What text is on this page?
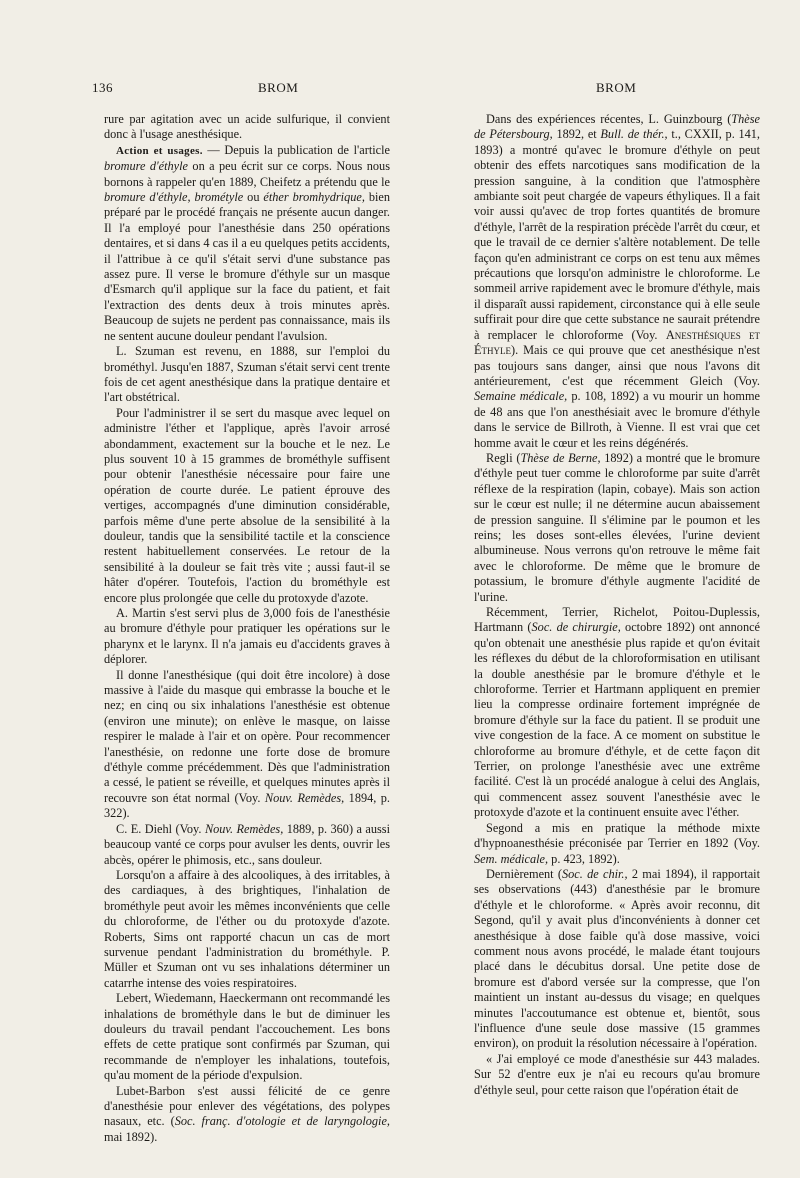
136	BROM	BROM

rure par agitation avec un acide sulfurique, il convient donc à l'usage anesthésique.

Action et usages. — Depuis la publication de l'article bromure d'éthyle on a peu écrit sur ce corps. Nous nous bornons à rappeler qu'en 1889, Cheifetz a prétendu que le bromure d'éthyle, brométyle ou éther bromhydrique, bien préparé par le procédé français ne présente aucun danger. Il l'a employé pour l'anesthésie dans 250 opérations dentaires, et si dans 4 cas il a eu quelques petits accidents, il l'attribue à ce qu'il s'était servi d'une substance pas assez pure. Il verse le bromure d'éthyle sur un masque d'Esmarch qu'il applique sur la face du patient, et fait l'extraction des dents deux à trois minutes après. Beaucoup de sujets ne perdent pas connaissance, mais ils ne sentent aucune douleur pendant l'avulsion.

L. Szuman est revenu, en 1888, sur l'emploi du brométhyl. Jusqu'en 1887, Szuman s'était servi cent trente fois de cet agent anesthésique dans la pratique dentaire et l'art obstétrical.

Pour l'administrer il se sert du masque avec lequel on administre l'éther et l'applique, après l'avoir arrosé abondamment, exactement sur la bouche et le nez. Le plus souvent 10 à 15 grammes de brométhyle suffisent pour obtenir l'anesthésie nécessaire pour faire une opération de courte durée. Le patient éprouve des vertiges, accompagnés d'une diminution considérable, parfois même d'une perte absolue de la sensibilité à la douleur, tandis que la sensibilité tactile et la conscience restent habituellement conservées. Le retour de la sensibilité à la douleur se fait très vite ; aussi faut-il se hâter d'opérer. Toutefois, l'action du brométhyle est encore plus prolongée que celle du protoxyde d'azote.

A. Martin s'est servi plus de 3,000 fois de l'anesthésie au bromure d'éthyle pour pratiquer les opérations sur le pharynx et le larynx. Il n'a jamais eu d'accidents graves à déplorer.

Il donne l'anesthésique (qui doit être incolore) à dose massive à l'aide du masque qui embrasse la bouche et le nez; en cinq ou six inhalations l'anesthésie est obtenue (environ une minute); on enlève le masque, on laisse respirer le malade à l'air et on opère. Pour recommencer l'anesthésie, on redonne une forte dose de bromure d'éthyle comme précédemment. Dès que l'administration a cessé, le patient se réveille, et quelques minutes après il recouvre son état normal (Voy. Nouv. Remèdes, 1894, p. 322).

C. E. Diehl (Voy. Nouv. Remèdes, 1889, p. 360) a aussi beaucoup vanté ce corps pour avulser les dents, ouvrir les abcès, opérer le phimosis, etc., sans douleur.

Lorsqu'on a affaire à des alcooliques, à des irritables, à des cardiaques, à des brightiques, l'inhalation de brométhyle peut avoir les mêmes inconvénients que celle du chloroforme, de l'éther ou du protoxyde d'azote. Roberts, Sims ont rapporté chacun un cas de mort survenue pendant l'administration du brométhyle. P. Müller et Szuman ont vu ses inhalations déterminer un catarrhe intense des voies respiratoires.

Lebert, Wiedemann, Haeckermann ont recommandé les inhalations de brométhyle dans le but de diminuer les douleurs du travail pendant l'accouchement. Les bons effets de cette pratique sont confirmés par Szuman, qui recommande de n'employer les inhalations, toutefois, qu'au moment de la période d'expulsion.

Lubet-Barbon s'est aussi félicité de ce genre d'anesthésie pour enlever des végétations, des polypes nasaux, etc. (Soc. franç. d'otologie et de laryngologie, mai 1892).

Dans des expériences récentes, L. Guinzbourg (Thèse de Pétersbourg, 1892, et Bull. de thér., t., CXXII, p. 141, 1893) a montré qu'avec le bromure d'éthyle on peut obtenir des effets narcotiques sans modification de la pression sanguine, à la condition que l'atmosphère ambiante soit peut chargée de vapeurs éthyliques. Il a fait voir aussi qu'avec de trop fortes quantités de bromure d'éthyle, l'arrêt de la respiration précède l'arrêt du cœur, et que le travail de ce dernier s'altère notablement. De telle façon qu'en administrant ce corps on est tenu aux mêmes précautions que lorsqu'on administre le chloroforme. Le sommeil arrive rapidement avec le bromure d'éthyle, mais il disparaît aussi rapidement, circonstance qui à elle seule suffirait pour dire que cette substance ne saurait prétendre à remplacer le chloroforme (Voy. Anesthésiques et Éthyle). Mais ce qui prouve que cet anesthésique n'est pas toujours sans danger, ainsi que nous l'avons dit antérieurement, c'est que récemment Gleich (Voy. Semaine médicale, p. 108, 1892) a vu mourir un homme de 48 ans que l'on anesthésiait avec le bromure d'éthyle dans le service de Billroth, à Vienne. Il est vrai que cet homme avait le cœur et les reins dégénérés.

Regli (Thèse de Berne, 1892) a montré que le bromure d'éthyle peut tuer comme le chloroforme par suite d'arrêt réflexe de la respiration (lapin, cobaye). Mais son action sur le cœur est nulle; il ne détermine aucun abaissement de pression sanguine. Il s'élimine par le poumon et les reins; les doses sont-elles élevées, l'urine devient albumineuse. Nous verrons qu'on retrouve le même fait avec le chloroforme. De même que le bromure de potassium, le bromure d'éthyle augmente l'acidité de l'urine.

Récemment, Terrier, Richelot, Poitou-Duplessis, Hartmann (Soc. de chirurgie, octobre 1892) ont annoncé qu'on obtenait une anesthésie plus rapide et qu'on évitait les réflexes du début de la chloroformisation en utilisant la double anesthésie par le bromure d'éthyle et le chloroforme. Terrier et Hartmann appliquent en premier lieu la compresse ordinaire fortement imprégnée de bromure d'éthyle sur la face du patient. Il se produit une vive congestion de la face. A ce moment on substitue le chloroforme au bromure d'éthyle, et de cette façon dit Terrier, on prolonge l'anesthésie avec une extrême facilité. C'est là un procédé analogue à celui des Anglais, qui commencent assez souvent l'anesthésie avec le protoxyde d'azote et la continuent ensuite avec l'éther.

Segond a mis en pratique la méthode mixte d'hypnoanesthésie préconisée par Terrier en 1892 (Voy. Sem. médicale, p. 423, 1892).

Dernièrement (Soc. de chir., 2 mai 1894), il rapportait ses observations (443) d'anesthésie par le bromure d'éthyle et le chloroforme. « Après avoir reconnu, dit Segond, qu'il y avait plus d'inconvénients à donner cet anesthésique à dose faible qu'à dose massive, voici comment nous avons procédé, le malade étant toujours placé dans le décubitus dorsal. Une petite dose de bromure est d'abord versée sur la compresse, que l'on maintient un instant au-dessus du visage; en quelques minutes l'accoutumance est obtenue et, bientôt, sous l'influence d'une seule dose massive (15 grammes environ), on produit la résolution nécessaire à l'opération.

« J'ai employé ce mode d'anesthésie sur 443 malades. Sur 52 d'entre eux je n'ai eu recours qu'au bromure d'éthyle seul, pour cette raison que l'opération était de
